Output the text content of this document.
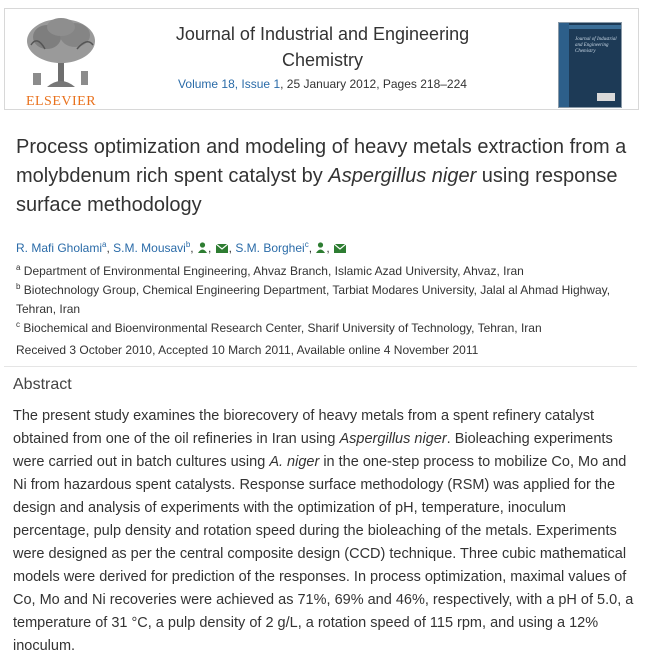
ELSEVIER
Journal of Industrial and Engineering
Chemistry
Volume 18, Issue 1, 25 January 2012, Pages 218–224
Journal of Industrial and Engineering Chemistry
Process optimization and modeling of heavy metals extraction from a molybdenum rich spent catalyst by Aspergillus niger using response surface methodology
R. Mafi Gholami$^a$, S.M. Mousavi$^b$, , , S.M. Borghei$^c$, ,
$^a$ Department of Environmental Engineering, Ahvaz Branch, Islamic Azad University, Ahvaz, Iran
$^b$ Biotechnology Group, Chemical Engineering Department, Tarbiat Modares University, Jalal al Ahmad Highway, Tehran, Iran
$^c$ Biochemical and Bioenvironmental Research Center, Sharif University of Technology, Tehran, Iran
Received 3 October 2010, Accepted 10 March 2011, Available online 4 November 2011
Abstract
The present study examines the biorecovery of heavy metals from a spent refinery catalyst obtained from one of the oil refineries in Iran using Aspergillus niger. Bioleaching experiments were carried out in batch cultures using A. niger in the one-step process to mobilize Co, Mo and Ni from hazardous spent catalysts. Response surface methodology (RSM) was applied for the design and analysis of experiments with the optimization of pH, temperature, inoculum percentage, pulp density and rotation speed during the bioleaching of the metals. Experiments were designed as per the central composite design (CCD) technique. Three cubic mathematical models were derived for prediction of the responses. In process optimization, maximal values of Co, Mo and Ni recoveries were achieved as 71%, 69% and 46%, respectively, with a pH of 5.0, a temperature of 31 °C, a pulp density of 2 g/L, a rotation speed of 115 rpm, and using a 12% inoculum.
